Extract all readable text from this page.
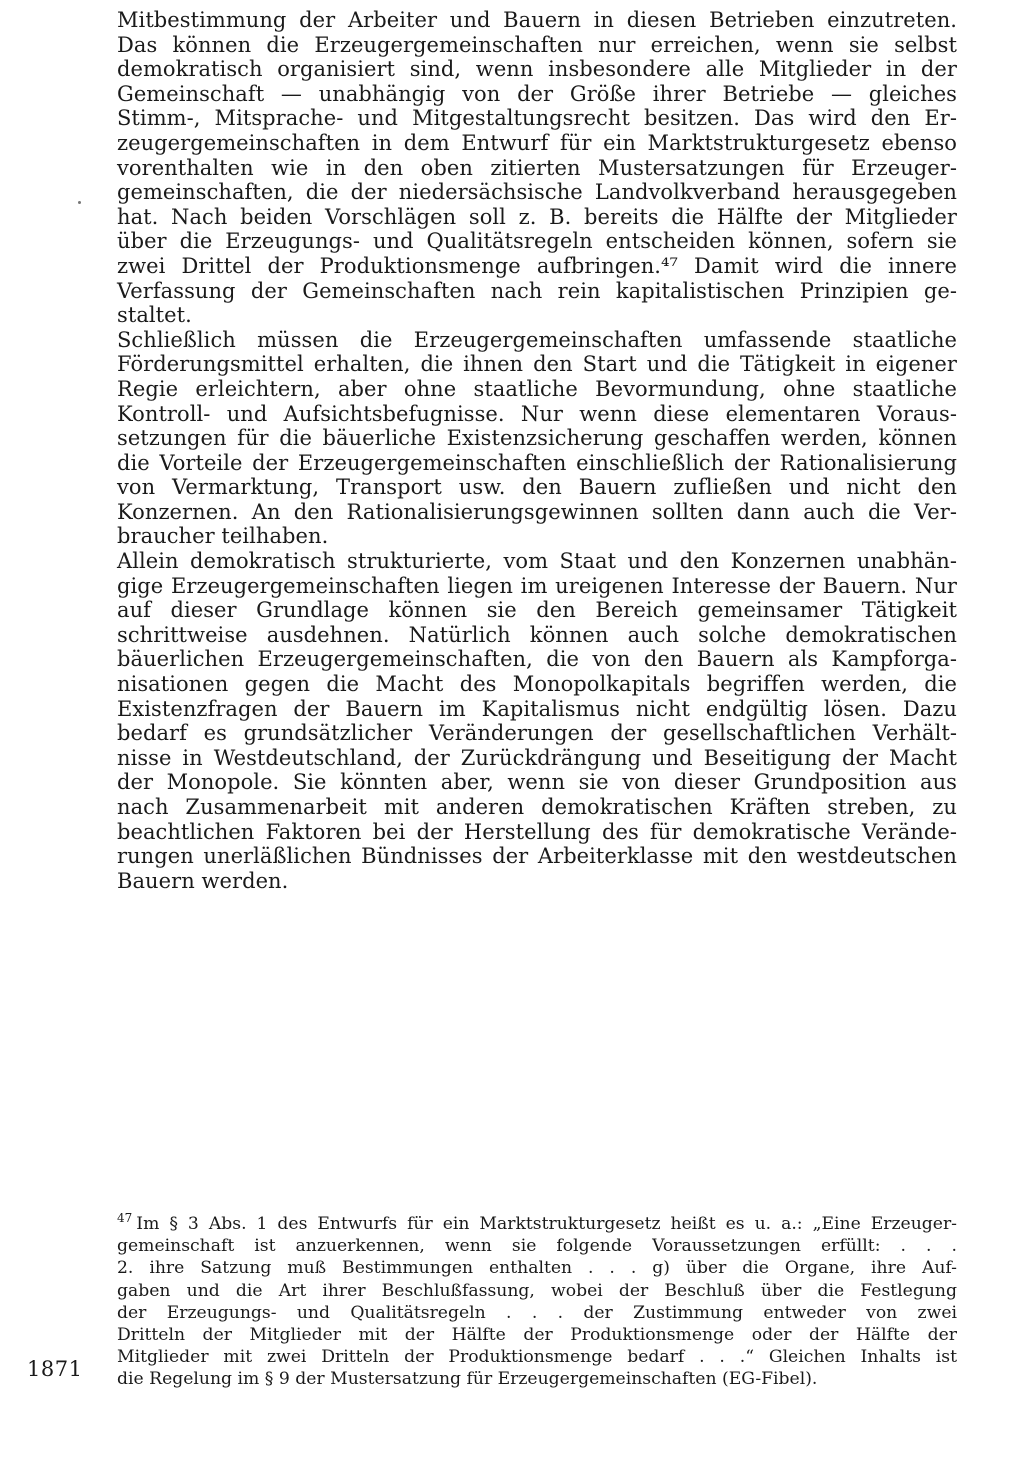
Mitbestimmung der Arbeiter und Bauern in diesen Betrieben einzutreten.
Das können die Erzeugergemeinschaften nur erreichen, wenn sie selbst
demokratisch organisiert sind, wenn insbesondere alle Mitglieder in der
Gemeinschaft — unabhängig von der Größe ihrer Betriebe — gleiches
Stimm-, Mitsprache- und Mitgestaltungsrecht besitzen. Das wird den Er-
zeugergemeinschaften in dem Entwurf für ein Marktstrukturgesetz ebenso
vorenthalten wie in den oben zitierten Mustersatzungen für Erzeuger-
gemeinschaften, die der niedersächsische Landvolkverband herausgegeben
hat. Nach beiden Vorschlägen soll z. B. bereits die Hälfte der Mitglieder
über die Erzeugungs- und Qualitätsregeln entscheiden können, sofern sie
zwei Drittel der Produktionsmenge aufbringen.⁴⁷ Damit wird die innere
Verfassung der Gemeinschaften nach rein kapitalistischen Prinzipien ge-
staltet.

Schließlich müssen die Erzeugergemeinschaften umfassende staatliche
Förderungsmittel erhalten, die ihnen den Start und die Tätigkeit in eigener
Regie erleichtern, aber ohne staatliche Bevormundung, ohne staatliche
Kontroll- und Aufsichtsbefugnisse. Nur wenn diese elementaren Voraus-
setzungen für die bäuerliche Existenzsicherung geschaffen werden, können
die Vorteile der Erzeugergemeinschaften einschließlich der Rationalisierung
von Vermarktung, Transport usw. den Bauern zufließen und nicht den
Konzernen. An den Rationalisierungsgewinnen sollten dann auch die Ver-
braucher teilhaben.

Allein demokratisch strukturierte, vom Staat und den Konzernen unabhän-
gige Erzeugergemeinschaften liegen im ureigenen Interesse der Bauern. Nur
auf dieser Grundlage können sie den Bereich gemeinsamer Tätigkeit
schrittweise ausdehnen. Natürlich können auch solche demokratischen
bäuerlichen Erzeugergemeinschaften, die von den Bauern als Kampforga-
nisationen gegen die Macht des Monopolkapitals begriffen werden, die
Existenzfragen der Bauern im Kapitalismus nicht endgültig lösen. Dazu
bedarf es grundsätzlicher Veränderungen der gesellschaftlichen Verhält-
nisse in Westdeutschland, der Zurückdrängung und Beseitigung der Macht
der Monopole. Sie könnten aber, wenn sie von dieser Grundposition aus
nach Zusammenarbeit mit anderen demokratischen Kräften streben, zu
beachtlichen Faktoren bei der Herstellung des für demokratische Verände-
rungen unerläßlichen Bündnisses der Arbeiterklasse mit den westdeutschen
Bauern werden.

$^{47}$ Im § 3 Abs. 1 des Entwurfs für ein Marktstrukturgesetz heißt es u. a.: „Eine Erzeuger-
gemeinschaft ist anzuerkennen, wenn sie folgende Voraussetzungen erfüllt: . . .
2. ihre Satzung muß Bestimmungen enthalten . . . g) über die Organe, ihre Auf-
gaben und die Art ihrer Beschlußfassung, wobei der Beschluß über die Festlegung
der Erzeugungs- und Qualitätsregeln . . . der Zustimmung entweder von zwei
Dritteln der Mitglieder mit der Hälfte der Produktionsmenge oder der Hälfte der
Mitglieder mit zwei Dritteln der Produktionsmenge bedarf . . .“ Gleichen Inhalts ist
die Regelung im § 9 der Mustersatzung für Erzeugergemeinschaften (EG-Fibel).
1871
